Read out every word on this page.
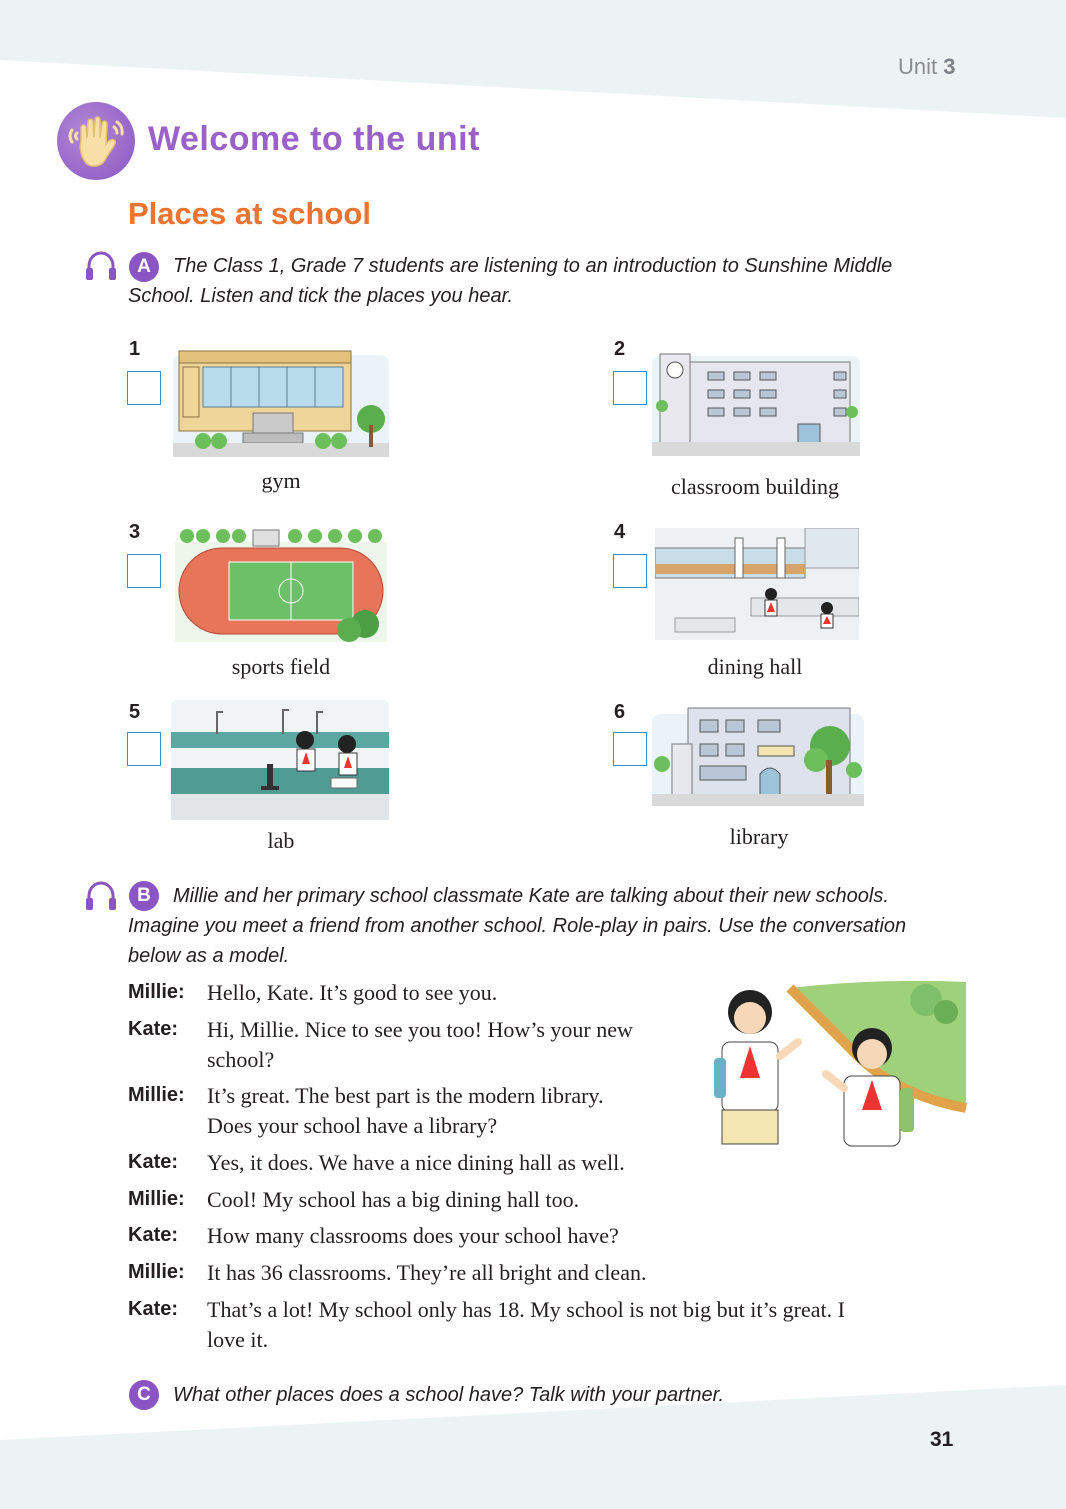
Unit 3
Welcome to the unit
Places at school
A	The Class 1, Grade 7 students are listening to an introduction to Sunshine Middle
School. Listen and tick the places you hear.
1
gym
2
classroom building
3
sports field
4
dining hall
5
lab
6
library
B	Millie and her primary school classmate Kate are talking about their new schools.
Imagine you meet a friend from another school. Role-play in pairs. Use the conversation
below as a model.
Millie: Hello, Kate. It’s good to see you.
Kate: Hi, Millie. Nice to see you too! How’s your new
school?
Millie: It’s great. The best part is the modern library.
Does your school have a library?
Kate: Yes, it does. We have a nice dining hall as well.
Millie: Cool! My school has a big dining hall too.
Kate: How many classrooms does your school have?
Millie: It has 36 classrooms. They’re all bright and clean.
Kate: That’s a lot! My school only has 18. My school is not big but it’s great. I
love it.
C	What other places does a school have? Talk with your partner.
31
